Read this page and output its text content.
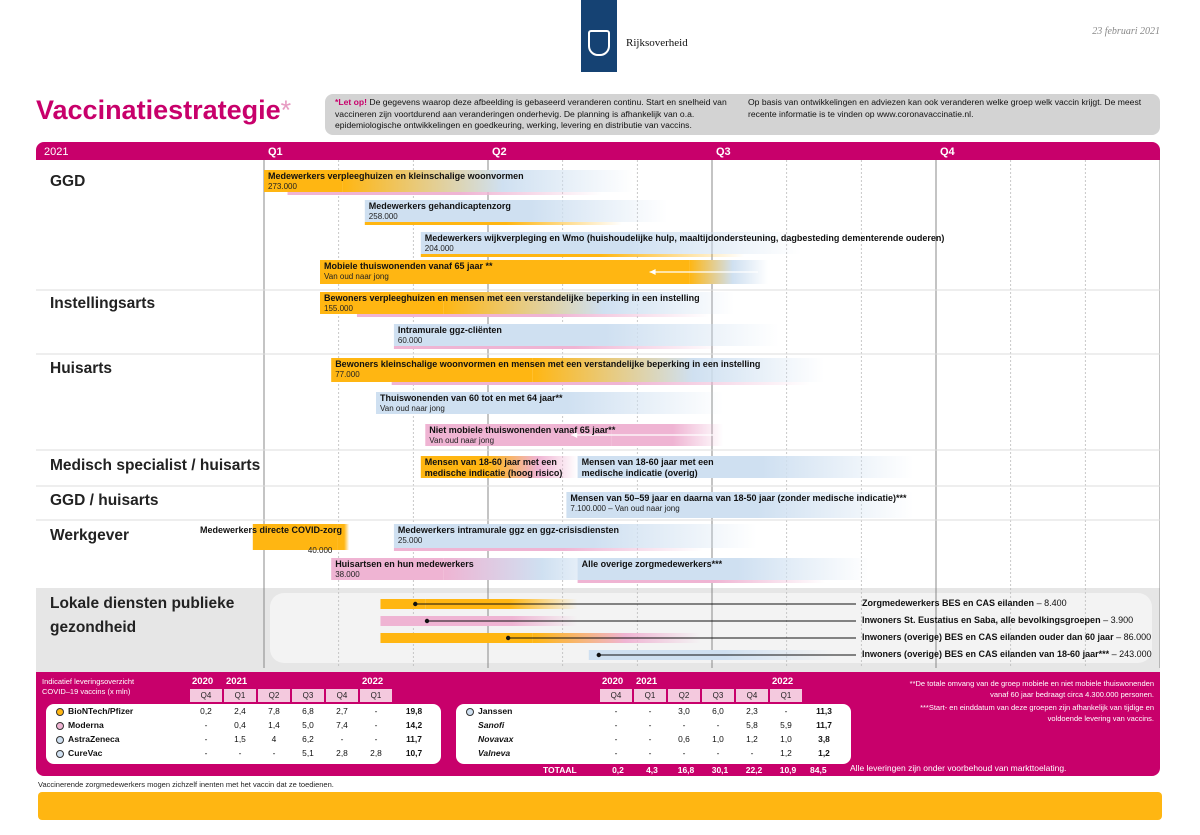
Rijksoverheid
23 februari 2021
Vaccinatiestrategie*	*Let op! De gegevens waarop deze afbeelding is gebaseerd veranderen continu. Start en snelheid van vaccineren zijn voortdurend aan veranderingen onderhevig. De planning is afhankelijk van o.a. epidemiologische ontwikkelingen en goedkeuring, werking, levering en distributie van vaccins.
Op basis van ontwikkelingen en adviezen kan ook veranderen welke groep welk vaccin krijgt. De meest recente informatie is te vinden op www.coronavaccinatie.nl.
2021	Q1	Q2	Q3	Q4
GGD
Instellingsarts
Huisarts
Medisch specialist / huisarts
GGD / huisarts
Werkgever
Lokale diensten publieke gezondheid
Medewerkers verpleeghuizen en kleinschalige woonvormen
273.000
Medewerkers gehandicaptenzorg
258.000
Medewerkers wijkverpleging en Wmo (huishoudelijke hulp, maaltijdondersteuning, dagbesteding dementerende ouderen)
204.000
Mobiele thuiswonenden vanaf 65 jaar **
Van oud naar jong
Bewoners verpleeghuizen en mensen met een verstandelijke beperking in een instelling
155.000
Intramurale ggz-cliënten
60.000
Bewoners kleinschalige woonvormen en mensen met een verstandelijke beperking in een instelling
77.000
Thuiswonenden van 60 tot en met 64 jaar**
Van oud naar jong
Niet mobiele thuiswonenden vanaf 65 jaar**
Van oud naar jong
Mensen van 18-60 jaar met een medische indicatie (hoog risico)
Mensen van 18-60 jaar met een medische indicatie (overig)
Mensen van 50–59 jaar en daarna van 18-50 jaar (zonder medische indicatie)***
7.100.000 – Van oud naar jong
Medewerkers directe COVID-zorg
40.000
Medewerkers intramurale ggz en ggz-crisisdiensten
25.000
Huisartsen en hun medewerkers
38.000
Alle overige zorgmedewerkers***
Zorgmedewerkers BES en CAS eilanden – 8.400
Inwoners St. Eustatius en Saba, alle bevolkingsgroepen – 3.900
Inwoners (overige) BES en CAS eilanden ouder dan 60 jaar – 86.000
Inwoners (overige) BES en CAS eilanden van 18-60 jaar*** – 243.000
Indicatief leveringsoverzicht
COVID–19 vaccins (x mln)
2020 2021	2022
Q4	Q1	Q2	Q3	Q4	Q1
BioNTech/Pfizer	0,2	2,4	7,8	6,8	2,7	-	19,8
Moderna	-	0,4	1,4	5,0	7,4	-	14,2
AstraZeneca	-	1,5	4	6,2	-	-	11,7
CureVac	-	-	-	5,1	2,8	2,8	10,7
2020 2021	2022
Q4	Q1	Q2	Q3	Q4	Q1
Janssen	-	-	3,0	6,0	2,3	-	11,3
Sanofi	-	-	-	-	5,8	5,9	11,7
Novavax	-	-	0,6	1,0	1,2	1,0	3,8
Valneva	-	-	-	-	-	1,2	1,2
TOTAAL	0,2	4,3	16,8	30,1	22,2	10,9	84,5
**De totale omvang van de groep mobiele en niet mobiele thuiswonenden vanaf 60 jaar bedraagt circa 4.300.000 personen.
***Start- en einddatum van deze groepen zijn afhankelijk van tijdige en voldoende levering van vaccins.
Alle leveringen zijn onder voorbehoud van markttoelating.
Vaccinerende zorgmedewerkers mogen zichzelf inenten met het vaccin dat ze toedienen.
